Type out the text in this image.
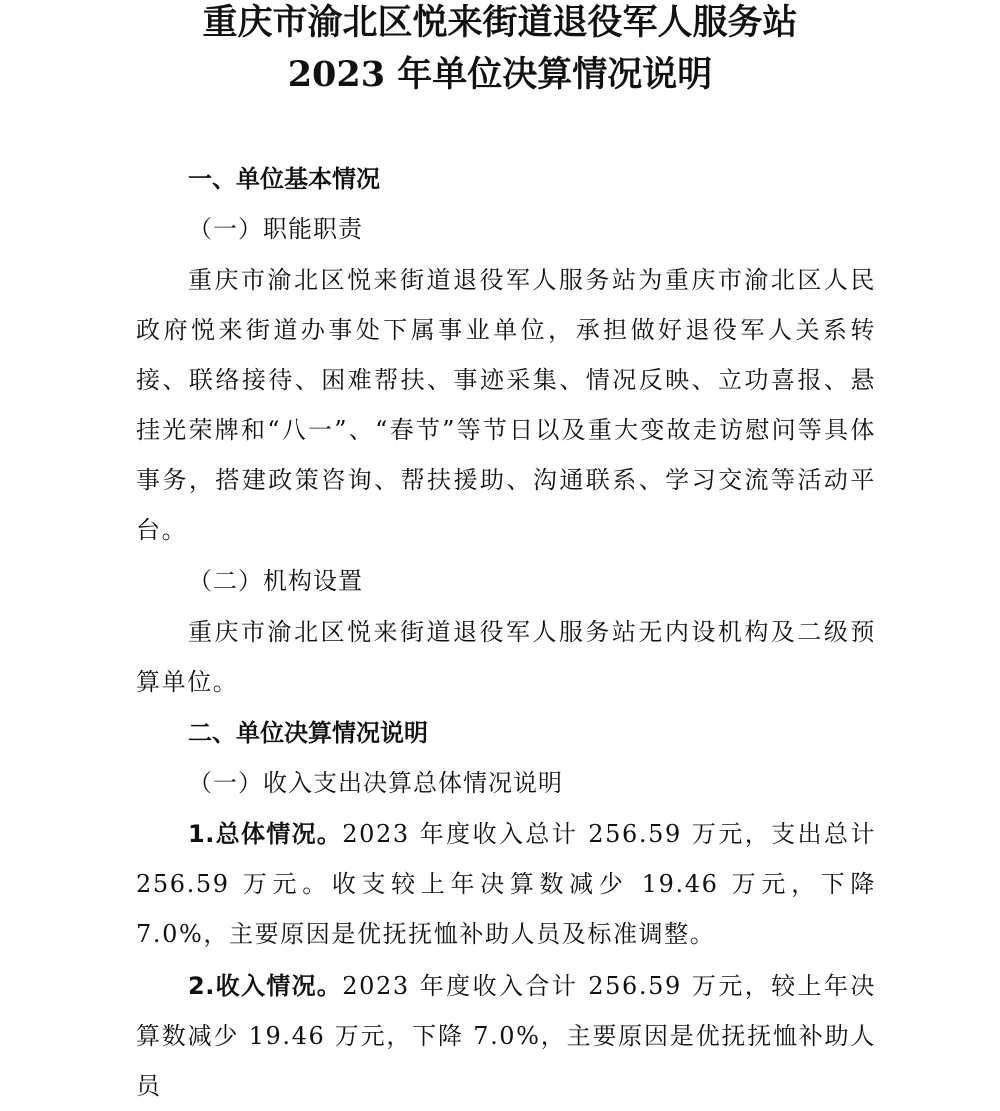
重庆市渝北区悦来街道退役军人服务站
2023 年单位决算情况说明
一、单位基本情况
（一）职能职责
重庆市渝北区悦来街道退役军人服务站为重庆市渝北区人民政府悦来街道办事处下属事业单位，承担做好退役军人关系转接、联络接待、困难帮扶、事迹采集、情况反映、立功喜报、悬挂光荣牌和“八一”、“春节”等节日以及重大变故走访慰问等具体事务，搭建政策咨询、帮扶援助、沟通联系、学习交流等活动平台。
（二）机构设置
重庆市渝北区悦来街道退役军人服务站无内设机构及二级预算单位。
二、单位决算情况说明
（一）收入支出决算总体情况说明
1.总体情况。2023 年度收入总计 256.59 万元，支出总计 256.59 万元。收支较上年决算数减少 19.46 万元，下降 7.0%，主要原因是优抚抚恤补助人员及标准调整。
2.收入情况。2023 年度收入合计 256.59 万元，较上年决算数减少 19.46 万元，下降 7.0%，主要原因是优抚抚恤补助人员
